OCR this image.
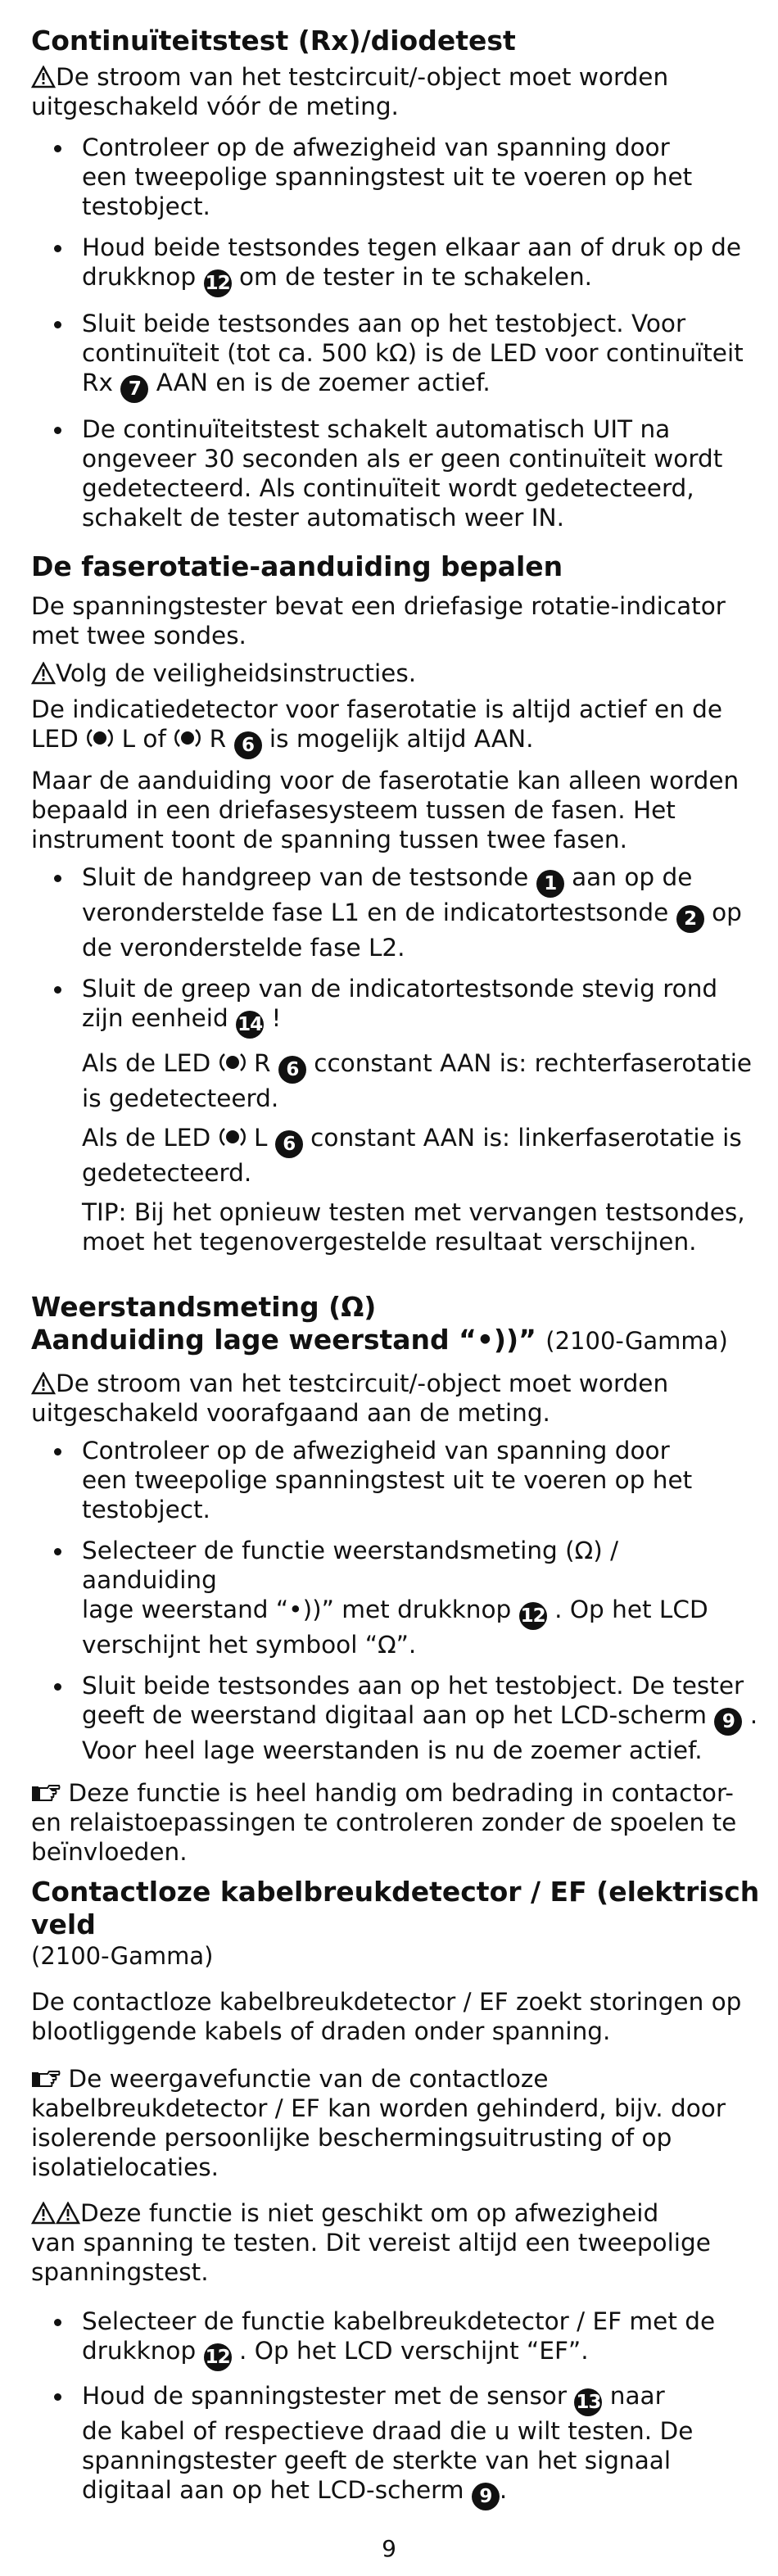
Continuïteitstest (Rx)/diodetest

De stroom van het testcircuit/-object moet worden
uitgeschakeld vóór de meting.

Controleer op de afwezigheid van spanning door
een tweepolige spanningstest uit te voeren op het
testobject.
Houd beide testsondes tegen elkaar aan of druk op de
drukknop 12 om de tester in te schakelen.
Sluit beide testsondes aan op het testobject. Voor
continuïteit (tot ca. 500 kΩ) is de LED voor continuïteit
Rx 7 AAN en is de zoemer actief.
De continuïteitstest schakelt automatisch UIT na
ongeveer 30 seconden als er geen continuïteit wordt
gedetecteerd. Als continuïteit wordt gedetecteerd,
schakelt de tester automatisch weer IN.
De faserotatie-aanduiding bepalen

De spanningstester bevat een driefasige rotatie-indicator

met twee sondes.

Volg de veiligheidsinstructies.

De indicatiedetector voor faserotatie is altijd actief en de
LED L of R 6 is mogelijk altijd AAN.

Maar de aanduiding voor de faserotatie kan alleen worden
bepaald in een driefasesysteem tussen de fasen. Het
instrument toont de spanning tussen twee fasen.

Sluit de handgreep van de testsonde 1 aan op de
veronderstelde fase L1 en de indicatortestsonde 2 op
de veronderstelde fase L2.
Sluit de greep van de indicatortestsonde stevig rond
zijn eenheid 14 !

Als de LED R 6 cconstant AAN is: rechterfaserotatie
is gedetecteerd.

Als de LED L 6 constant AAN is: linkerfaserotatie is
gedetecteerd.

TIP: Bij het opnieuw testen met vervangen testsondes,
moet het tegenovergestelde resultaat verschijnen.

Weerstandsmeting (Ω)
Aanduiding lage weerstand “•))” (2100-Gamma)

De stroom van het testcircuit/-object moet worden
uitgeschakeld voorafgaand aan de meting.

Controleer op de afwezigheid van spanning door
een tweepolige spanningstest uit te voeren op het
testobject.
Selecteer de functie weerstandsmeting (Ω) / aanduiding
lage weerstand “•))” met drukknop 12 . Op het LCD
verschijnt het symbool “Ω”.
Sluit beide testsondes aan op het testobject. De tester
geeft de weerstand digitaal aan op het LCD-scherm 9 .
Voor heel lage weerstanden is nu de zoemer actief.

Deze functie is heel handig om bedrading in contactor-
en relaistoepassingen te controleren zonder de spoelen te
beïnvloeden.

Contactloze kabelbreukdetector / EF (elektrisch veld

(2100-Gamma)

De contactloze kabelbreukdetector / EF zoekt storingen op
blootliggende kabels of draden onder spanning.

De weergavefunctie van de contactloze
kabelbreukdetector / EF kan worden gehinderd, bijv. door
isolerende persoonlijke beschermingsuitrusting of op
isolatielocaties.

Deze functie is niet geschikt om op afwezigheid
van spanning te testen. Dit vereist altijd een tweepolige
spanningstest.

Selecteer de functie kabelbreukdetector / EF met de
drukknop 12 . Op het LCD verschijnt “EF”.
Houd de spanningstester met de sensor 13 naar
de kabel of respectieve draad die u wilt testen. De
spanningstester geeft de sterkte van het signaal
digitaal aan op het LCD-scherm 9 .
9
